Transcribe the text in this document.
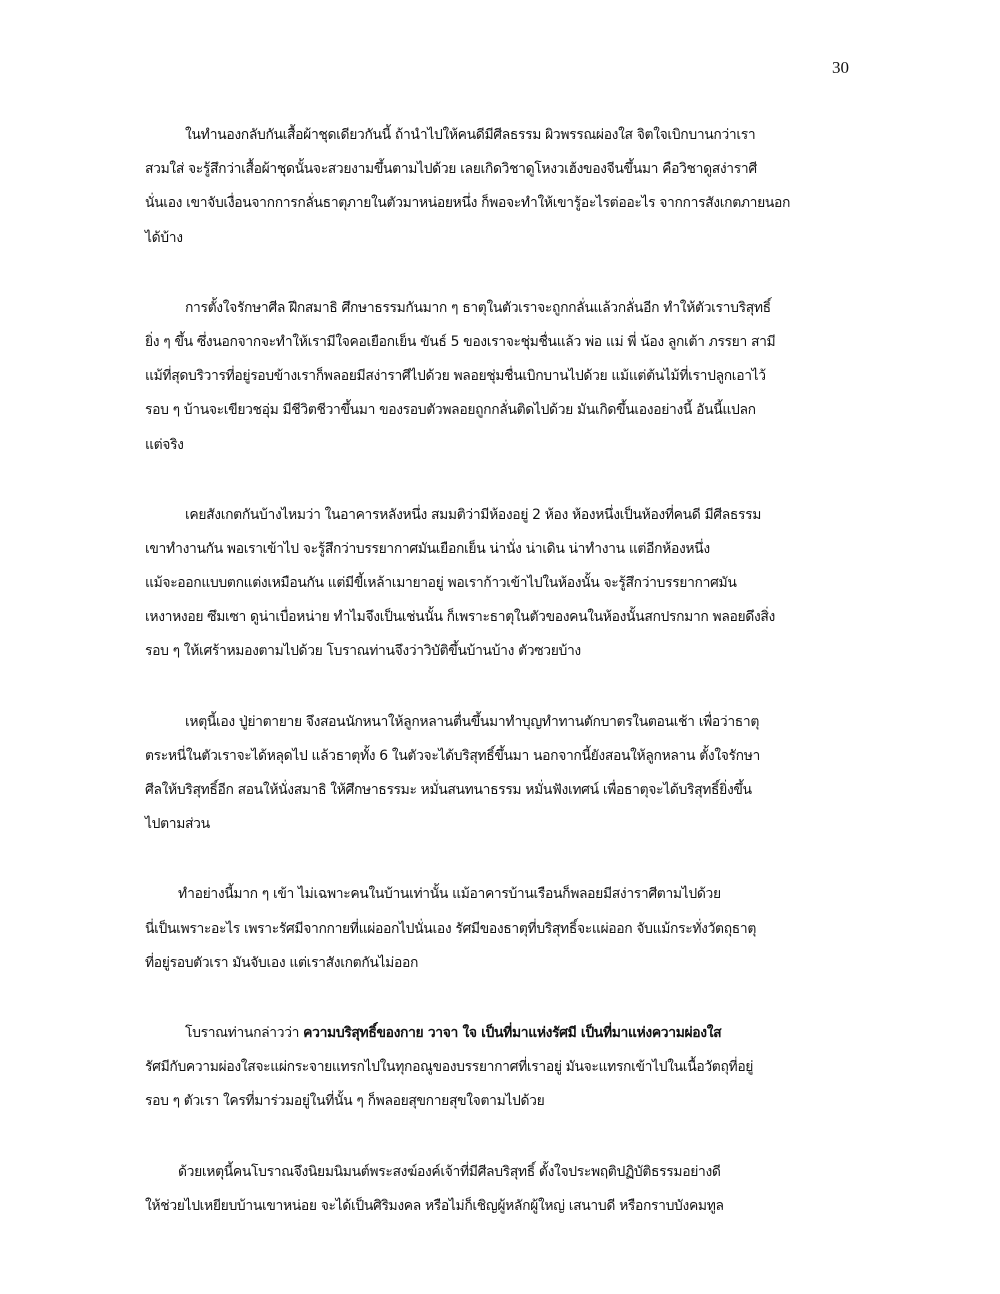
30
ในทำนองกลับกันเสื้อผ้าชุดเดียวกันนี้ ถ้านำไปให้คนดีมีศีลธรรม ผิวพรรณผ่องใส จิตใจเบิกบานกว่าเรา
สวมใส่ จะรู้สึกว่าเสื้อผ้าชุดนั้นจะสวยงามขึ้นตามไปด้วย เลยเกิดวิชาดูโหงวเฮ้งของจีนขึ้นมา คือวิชาดูสง่าราศี
นั่นเอง เขาจับเงื่อนจากการกลั่นธาตุภายในตัวมาหน่อยหนึ่ง ก็พอจะทำให้เขารู้อะไรต่ออะไร จากการสังเกตภายนอก
ได้บ้าง
การตั้งใจรักษาศีล ฝึกสมาธิ ศึกษาธรรมกันมาก ๆ ธาตุในตัวเราจะถูกกลั่นแล้วกลั่นอีก ทำให้ตัวเราบริสุทธิ์
ยิ่ง ๆ ขึ้น ซึ่งนอกจากจะทำให้เรามีใจคอเยือกเย็น ขันธ์ 5 ของเราจะชุ่มชื่นแล้ว พ่อ แม่ พี่ น้อง ลูกเต้า ภรรยา สามี
แม้ที่สุดบริวารที่อยู่รอบข้างเราก็พลอยมีสง่าราศีไปด้วย พลอยชุ่มชื่นเบิกบานไปด้วย แม้แต่ต้นไม้ที่เราปลูกเอาไว้
รอบ ๆ บ้านจะเขียวชอุ่ม มีชีวิตชีวาขึ้นมา ของรอบตัวพลอยถูกกลั่นติดไปด้วย มันเกิดขึ้นเองอย่างนี้ อันนี้แปลก
แต่จริง
เคยสังเกตกันบ้างไหมว่า ในอาคารหลังหนึ่ง สมมติว่ามีห้องอยู่ 2 ห้อง ห้องหนึ่งเป็นห้องที่คนดี มีศีลธรรม
เขาทำงานกัน พอเราเข้าไป จะรู้สึกว่าบรรยากาศมันเยือกเย็น น่านั่ง น่าเดิน น่าทำงาน แต่อีกห้องหนึ่ง
แม้จะออกแบบตกแต่งเหมือนกัน แต่มีขี้เหล้าเมายาอยู่ พอเราก้าวเข้าไปในห้องนั้น จะรู้สึกว่าบรรยากาศมัน
เหงาหงอย ซึมเซา ดูน่าเบื่อหน่าย ทำไมจึงเป็นเช่นนั้น ก็เพราะธาตุในตัวของคนในห้องนั้นสกปรกมาก พลอยดึงสิ่ง
รอบ ๆ ให้เศร้าหมองตามไปด้วย โบราณท่านจึงว่าวิบัติขึ้นบ้านบ้าง ตัวซวยบ้าง
เหตุนี้เอง ปู่ย่าตายาย จึงสอนนักหนาให้ลูกหลานตื่นขึ้นมาทำบุญทำทานตักบาตรในตอนเช้า เพื่อว่าธาตุ
ตระหนี่ในตัวเราจะได้หลุดไป แล้วธาตุทั้ง 6 ในตัวจะได้บริสุทธิ์ขึ้นมา นอกจากนี้ยังสอนให้ลูกหลาน ตั้งใจรักษา
ศีลให้บริสุทธิ์อีก สอนให้นั่งสมาธิ ให้ศึกษาธรรมะ หมั่นสนทนาธรรม หมั่นฟังเทศน์ เพื่อธาตุจะได้บริสุทธิ์ยิ่งขึ้น
ไปตามส่วน
ทำอย่างนี้มาก ๆ เข้า ไม่เฉพาะคนในบ้านเท่านั้น แม้อาคารบ้านเรือนก็พลอยมีสง่าราศีตามไปด้วย
นี่เป็นเพราะอะไร เพราะรัศมีจากกายที่แผ่ออกไปนั่นเอง รัศมีของธาตุที่บริสุทธิ์จะแผ่ออก จับแม้กระทั่งวัตถุธาตุ
ที่อยู่รอบตัวเรา มันจับเอง แต่เราสังเกตกันไม่ออก
โบราณท่านกล่าวว่า ความบริสุทธิ์ของกาย วาจา ใจ เป็นที่มาแห่งรัศมี เป็นที่มาแห่งความผ่องใส
รัศมีกับความผ่องใสจะแผ่กระจายแทรกไปในทุกอณูของบรรยากาศที่เราอยู่ มันจะแทรกเข้าไปในเนื้อวัตถุที่อยู่
รอบ ๆ ตัวเรา ใครที่มาร่วมอยู่ในที่นั้น ๆ ก็พลอยสุขกายสุขใจตามไปด้วย
ด้วยเหตุนี้คนโบราณจึงนิยมนิมนต์พระสงฆ์องค์เจ้าที่มีศีลบริสุทธิ์ ตั้งใจประพฤติปฏิบัติธรรมอย่างดี
ให้ช่วยไปเหยียบบ้านเขาหน่อย จะได้เป็นศิริมงคล หรือไม่ก็เชิญผู้หลักผู้ใหญ่ เสนาบดี หรือกราบบังคมทูล
